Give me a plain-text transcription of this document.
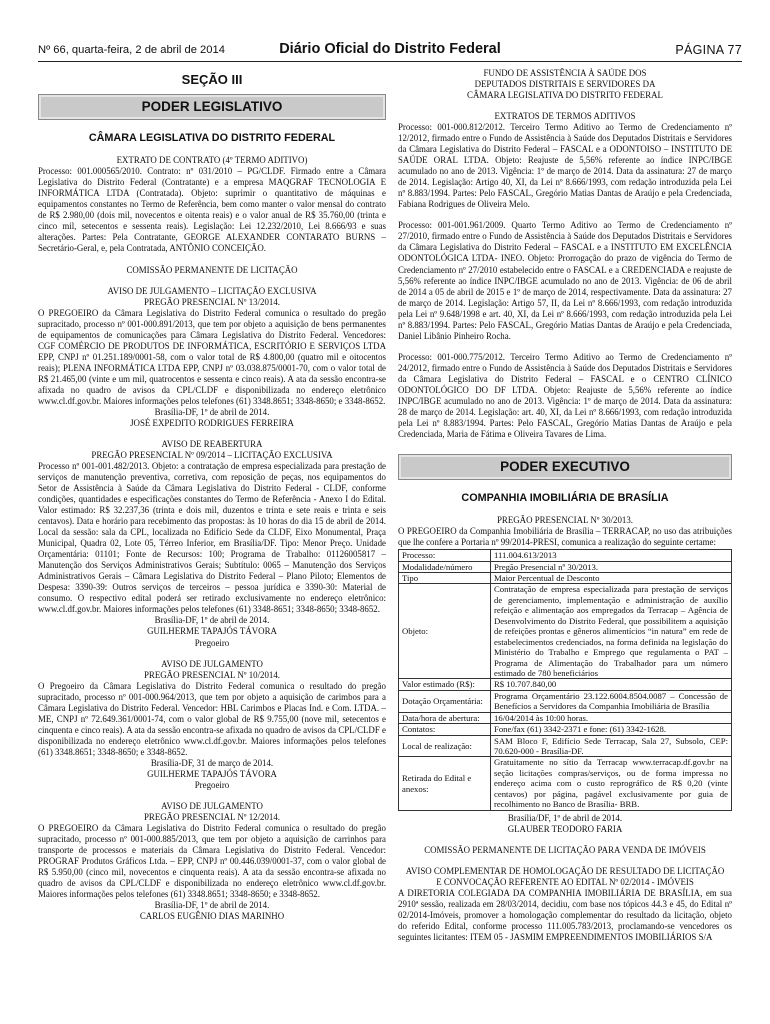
Nº 66, quarta-feira, 2 de abril de 2014	Diário Oficial do Distrito Federal	PÁGINA 77
SEÇÃO III
PODER LEGISLATIVO
CÂMARA LEGISLATIVA DO DISTRITO FEDERAL

EXTRATO DE CONTRATO (4º TERMO ADITIVO)

Processo: 001.000565/2010. Contrato: nº 031/2010 – PG/CLDF. Firmado entre a Câmara Legislativa do Distrito Federal (Contratante) e a empresa MAQGRAF TECNOLOGIA E INFORMÁTICA LTDA (Contratada). Objeto: suprimir o quantitativo de máquinas e equipamentos constantes no Termo de Referência, bem como manter o valor mensal do contrato de R$ 2.980,00 (dois mil, novecentos e oitenta reais) e o valor anual de R$ 35.760,00 (trinta e cinco mil, setecentos e sessenta reais). Legislação: Lei 12.232/2010, Lei 8.666/93 e suas alterações. Partes: Pela Contratante, GEORGE ALEXANDER CONTARATO BURNS – Secretário-Geral, e, pela Contratada, ANTÔNIO CONCEIÇÃO.

COMISSÃO PERMANENTE DE LICITAÇÃO

AVISO DE JULGAMENTO – LICITAÇÃO EXCLUSIVA

PREGÃO PRESENCIAL Nº 13/2014.

O PREGOEIRO da Câmara Legislativa do Distrito Federal comunica o resultado do pregão supracitado, processo nº 001-000.891/2013, que tem por objeto a aquisição de bens permanentes de equipamentos de comunicações para Câmara Legislativa do Distrito Federal. Vencedores: CGF COMÉRCIO DE PRODUTOS DE INFORMÁTICA, ESCRITÓRIO E SERVIÇOS LTDA EPP, CNPJ nº 01.251.189/0001-58, com o valor total de R$ 4.800,00 (quatro mil e oitocentos reais); PLENA INFORMÁTICA LTDA EPP, CNPJ nº 03.038.875/0001-70, com o valor total de R$ 21.465,00 (vinte e um mil, quatrocentos e sessenta e cinco reais). A ata da sessão encontra-se afixada no quadro de avisos da CPL/CLDF e disponibilizada no endereço eletrônico www.cl.df.gov.br. Maiores informações pelos telefones (61) 3348.8651; 3348-8650; e 3348-8652.

Brasília-DF, 1º de abril de 2014.

JOSÉ EXPEDITO RODRIGUES FERREIRA

AVISO DE REABERTURA

PREGÃO PRESENCIAL Nº 09/2014 – LICITAÇÃO EXCLUSIVA

Processo nº 001-001.482/2013. Objeto: a contratação de empresa especializada para prestação de serviços de manutenção preventiva, corretiva, com reposição de peças, nos equipamentos do Setor de Assistência à Saúde da Câmara Legislativa do Distrito Federal - CLDF, conforme condições, quantidades e especificações constantes do Termo de Referência - Anexo I do Edital. Valor estimado: R$ 32.237,36 (trinta e dois mil, duzentos e trinta e sete reais e trinta e seis centavos). Data e horário para recebimento das propostas: às 10 horas do dia 15 de abril de 2014. Local da sessão: sala da CPL, localizada no Edifício Sede da CLDF, Eixo Monumental, Praça Municipal, Quadra 02, Lote 05, Térreo Inferior, em Brasília/DF. Tipo: Menor Preço. Unidade Orçamentária: 01101; Fonte de Recursos: 100; Programa de Trabalho: 01126005817 – Manutenção dos Serviços Administrativos Gerais; Subtítulo: 0065 – Manutenção dos Serviços Administrativos Gerais – Câmara Legislativa do Distrito Federal – Plano Piloto; Elementos de Despesa: 3390-39: Outros serviços de terceiros – pessoa jurídica e 3390-30: Material de consumo. O respectivo edital poderá ser retirado exclusivamente no endereço eletrônico: www.cl.df.gov.br. Maiores informações pelos telefones (61) 3348-8651; 3348-8650; 3348-8652.

Brasília-DF, 1º de abril de 2014.

GUILHERME TAPAJÓS TÁVORA

Pregoeiro

AVISO DE JULGAMENTO

PREGÃO PRESENCIAL Nº 10/2014.

O Pregoeiro da Câmara Legislativa do Distrito Federal comunica o resultado do pregão supracitado, processo nº 001-000.964/2013, que tem por objeto a aquisição de carimbos para a Câmara Legislativa do Distrito Federal. Vencedor: HBL Carimbos e Placas Ind. e Com. LTDA. – ME, CNPJ nº 72.649.361/0001-74, com o valor global de R$ 9.755,00 (nove mil, setecentos e cinquenta e cinco reais). A ata da sessão encontra-se afixada no quadro de avisos da CPL/CLDF e disponibilizada no endereço eletrônico www.cl.df.gov.br. Maiores informações pelos telefones (61) 3348.8651; 3348-8650; e 3348-8652.

Brasília-DF, 31 de março de 2014.

GUILHERME TAPAJÓS TÁVORA

Pregoeiro

AVISO DE JULGAMENTO

PREGÃO PRESENCIAL Nº 12/2014.

O PREGOEIRO da Câmara Legislativa do Distrito Federal comunica o resultado do pregão supracitado, processo nº 001-000.885/2013, que tem por objeto a aquisição de carrinhos para transporte de processos e materiais da Câmara Legislativa do Distrito Federal. Vencedor: PROGRAF Produtos Gráficos Ltda. – EPP, CNPJ nº 00.446.039/0001-37, com o valor global de R$ 5.950,00 (cinco mil, novecentos e cinquenta reais). A ata da sessão encontra-se afixada no quadro de avisos da CPL/CLDF e disponibilizada no endereço eletrônico www.cl.df.gov.br. Maiores informações pelos telefones (61) 3348.8651; 3348-8650; e 3348-8652.

Brasília-DF, 1º de abril de 2014.

CARLOS EUGÊNIO DIAS MARINHO

FUNDO DE ASSISTÊNCIA À SAÚDE DOS

DEPUTADOS DISTRITAIS E SERVIDORES DA

CÂMARA LEGISLATIVA DO DISTRITO FEDERAL

EXTRATOS DE TERMOS ADITIVOS

Processo: 001-000.812/2012. Terceiro Termo Aditivo ao Termo de Credenciamento nº 12/2012, firmado entre o Fundo de Assistência à Saúde dos Deputados Distritais e Servidores da Câmara Legislativa do Distrito Federal – FASCAL e a ODONTOISO – INSTITUTO DE SAÚDE ORAL LTDA. Objeto: Reajuste de 5,56% referente ao índice INPC/IBGE acumulado no ano de 2013. Vigência: 1º de março de 2014. Data da assinatura: 27 de março de 2014. Legislação: Artigo 40, XI, da Lei nº 8.666/1993, com redação introduzida pela Lei nº 8.883/1994. Partes: Pelo FASCAL, Gregório Matias Dantas de Araújo e pela Credenciada, Fabiana Rodrigues de Oliveira Melo.

Processo: 001-001.961/2009. Quarto Termo Aditivo ao Termo de Credenciamento nº 27/2010, firmado entre o Fundo de Assistência à Saúde dos Deputados Distritais e Servidores da Câmara Legislativa do Distrito Federal – FASCAL e a INSTITUTO EM EXCELÊNCIA ODONTOLÓGICA LTDA- INEO. Objeto: Prorrogação do prazo de vigência do Termo de Credenciamento nº 27/2010 estabelecido entre o FASCAL e a CREDENCIADA e reajuste de 5,56% referente ao índice INPC/IBGE acumulado no ano de 2013. Vigência: de 06 de abril de 2014 a 05 de abril de 2015 e 1º de março de 2014, respectivamente. Data da assinatura: 27 de março de 2014. Legislação: Artigo 57, II, da Lei nº 8.666/1993, com redação introduzida pela Lei nº 9.648/1998 e art. 40, XI, da Lei nº 8.666/1993, com redação introduzida pela Lei nº 8.883/1994. Partes: Pelo FASCAL, Gregório Matias Dantas de Araújo e pela Credenciada, Daniel Libânio Pinheiro Rocha.

Processo: 001-000.775/2012. Terceiro Termo Aditivo ao Termo de Credenciamento nº 24/2012, firmado entre o Fundo de Assistência à Saúde dos Deputados Distritais e Servidores da Câmara Legislativa do Distrito Federal – FASCAL e o CENTRO CLÍNICO ODONTOLÓGICO DO DF LTDA. Objeto: Reajuste de 5,56% referente ao índice INPC/IBGE acumulado no ano de 2013. Vigência: 1º de março de 2014. Data da assinatura: 28 de março de 2014. Legislação: art. 40, XI, da Lei nº 8.666/1993, com redação introduzida pela Lei nº 8.883/1994. Partes: Pelo FASCAL, Gregório Matias Dantas de Araújo e pela Credenciada, Maria de Fátima e Oliveira Tavares de Lima.

PODER EXECUTIVO
COMPANHIA IMOBILIÁRIA DE BRASÍLIA

PREGÃO PRESENCIAL Nº 30/2013.

O PREGOEIRO da Companhia Imobiliária de Brasília – TERRACAP, no uso das atribuições que lhe confere a Portaria nº 99/2014-PRESI, comunica a realização do seguinte certame:

Processo:	111.004.613/2013
Modalidade/número	Pregão Presencial nº 30/2013.
Tipo	Maior Percentual de Desconto
Objeto:	Contratação de empresa especializada para prestação de serviços de gerenciamento, implementação e administração de auxílio refeição e alimentação aos empregados da Terracap – Agência de Desenvolvimento do Distrito Federal, que possibilitem a aquisição de refeições prontas e gêneros alimentícios “in natura” em rede de estabelecimentos credenciados, na forma definida na legislação do Ministério do Trabalho e Emprego que regulamenta o PAT – Programa de Alimentação do Trabalhador para um número estimado de 780 beneficiários
Valor estimado (R$):	R$ 10.707.840,00
Dotação Orçamentária:	Programa Orçamentário 23.122.6004.8504.0087 – Concessão de Benefícios a Servidores da Companhia Imobiliária de Brasília
Data/hora de abertura:	16/04/2014 às 10:00 horas.
Contatos:	Fone/fax (61) 3342-2371 e fone: (61) 3342-1628.
Local de realização:	SAM Bloco F, Edifício Sede Terracap, Sala 27, Subsolo, CEP: 70.620-000 - Brasília-DF.
Retirada do Edital e anexos:	Gratuitamente no sítio da Terracap www.terracap.df.gov.br na seção licitações compras/serviços, ou de forma impressa no endereço acima com o custo reprográfico de R$ 0,20 (vinte centavos) por página, pagável exclusivamente por guia de recolhimento no Banco de Brasília- BRB.

Brasília/DF, 1º de abril de 2014.

GLAUBER TEODORO FARIA

COMISSÃO PERMANENTE DE LICITAÇÃO PARA VENDA DE IMÓVEIS

AVISO COMPLEMENTAR DE HOMOLOGAÇÃO DE RESULTADO DE LICITAÇÃO

E CONVOCAÇÃO REFERENTE AO EDITAL Nº 02/2014 - IMÓVEIS

A DIRETORIA COLEGIADA DA COMPANHIA IMOBILIÁRIA DE BRASÍLIA, em sua 2910ª sessão, realizada em 28/03/2014, decidiu, com base nos tópicos 44.3 e 45, do Edital nº 02/2014-Imóveis, promover a homologação complementar do resultado da licitação, objeto do referido Edital, conforme processo 111.005.783/2013, proclamando-se vencedores os seguintes licitantes: ITEM 05 - JASMIM EMPREENDIMENTOS IMOBILIÁRIOS S/A
